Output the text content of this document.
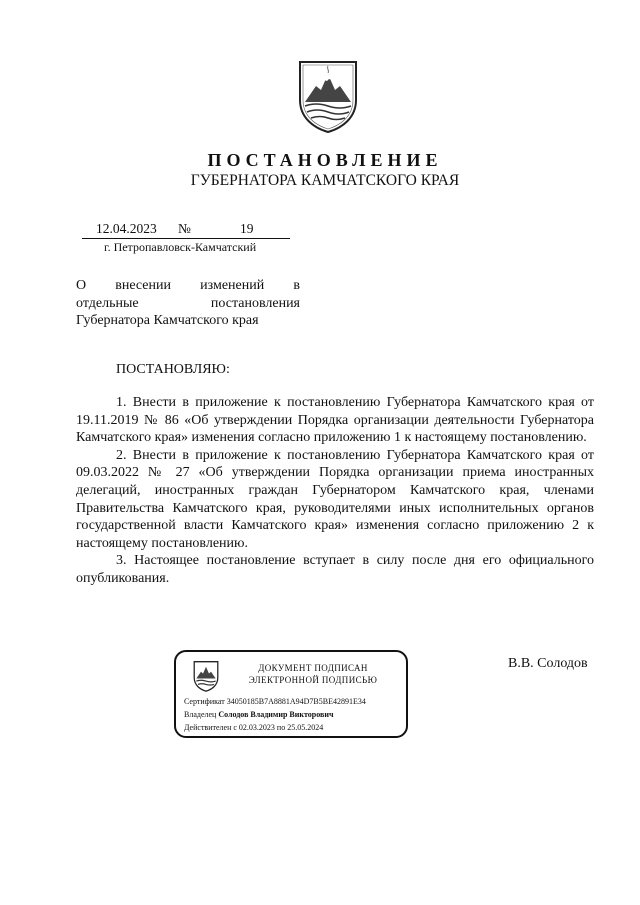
ПОСТАНОВЛЕНИЕ
ГУБЕРНАТОРА КАМЧАТСКОГО КРАЯ
12.04.2023 №	19
г. Петропавловск-Камчатский
О внесении изменений в
отдельные постановления
Губернатора Камчатского края
ПОСТАНОВЛЯЮ:

1. Внести в приложение к постановлению Губернатора Камчатского края от 19.11.2019 № 86 «Об утверждении Порядка организации деятельности Губернатора Камчатского края» изменения согласно приложению 1 к настоящему постановлению.

2. Внести в приложение к постановлению Губернатора Камчатского края от 09.03.2022 № 27 «Об утверждении Порядка организации приема иностранных делегаций, иностранных граждан Губернатором Камчатского края, членами Правительства Камчатского края, руководителями иных исполнительных органов государственной власти Камчатского края» изменения согласно приложению 2 к настоящему постановлению.

3. Настоящее постановление вступает в силу после дня его официального опубликования.

ДОКУМЕНТ ПОДПИСАН
ЭЛЕКТРОННОЙ ПОДПИСЬЮ
Сертификат 34050185B7A8881A94D7B5BE42891E34
Владелец Солодов Владимир Викторович
Действителен с 02.03.2023 по 25.05.2024
В.В. Солодов
